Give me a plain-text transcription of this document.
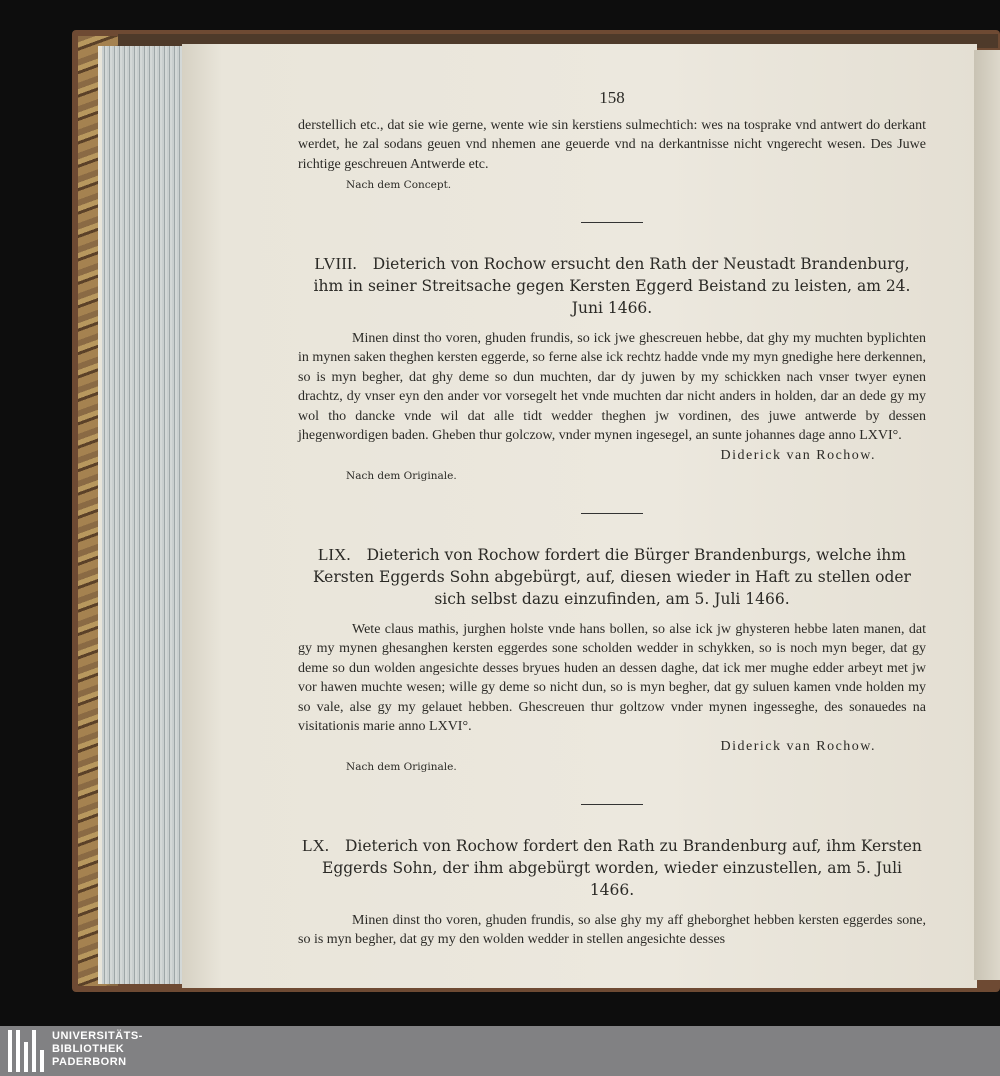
158

derstellich etc., dat sie wie gerne, wente wie sin kerstiens sulmechtich: wes na tosprake vnd antwert do derkant werdet, he zal sodans geuen vnd nhemen ane geuerde vnd na derkantnisse nicht vngerecht wesen. Des Juwe richtige geschreuen Antwerde etc.

Nach dem Concept.
LVIII. Dieterich von Rochow ersucht den Rath der Neustadt Brandenburg, ihm in seiner Streitsache gegen Kersten Eggerd Beistand zu leisten, am 24. Juni 1466.

Minen dinst tho voren, ghuden frundis, so ick jwe ghescreuen hebbe, dat ghy my muchten byplichten in mynen saken theghen kersten eggerde, so ferne alse ick rechtz hadde vnde my myn gnedighe here derkennen, so is myn begher, dat ghy deme so dun muchten, dar dy juwen by my schickken nach vnser twyer eynen drachtz, dy vnser eyn den ander vor vorsegelt het vnde muchten dar nicht anders in holden, dar an dede gy my wol tho dancke vnde wil dat alle tidt wedder theghen jw vordinen, des juwe antwerde by dessen jhegenwordigen baden. Gheben thur golczow, vnder mynen ingesegel, an sunte johannes dage anno LXVI°.

Diderick van Rochow.
Nach dem Originale.
LIX. Dieterich von Rochow fordert die Bürger Brandenburgs, welche ihm Kersten Eggerds Sohn abgebürgt, auf, diesen wieder in Haft zu stellen oder sich selbst dazu einzufinden, am 5. Juli 1466.

Wete claus mathis, jurghen holste vnde hans bollen, so alse ick jw ghysteren hebbe laten manen, dat gy my mynen ghesanghen kersten eggerdes sone scholden wedder in schykken, so is noch myn beger, dat gy deme so dun wolden angesichte desses bryues huden an dessen daghe, dat ick mer mughe edder arbeyt met jw vor hawen muchte wesen; wille gy deme so nicht dun, so is myn begher, dat gy suluen kamen vnde holden my so vale, alse gy my gelauet hebben. Ghescreuen thur goltzow vnder mynen ingesseghe, des sonauedes na visitationis marie anno LXVI°.

Diderick van Rochow.
Nach dem Originale.
LX. Dieterich von Rochow fordert den Rath zu Brandenburg auf, ihm Kersten Eggerds Sohn, der ihm abgebürgt worden, wieder einzustellen, am 5. Juli 1466.

Minen dinst tho voren, ghuden frundis, so alse ghy my aff gheborghet hebben kersten eggerdes sone, so is myn begher, dat gy my den wolden wedder in stellen angesichte desses

UNIVERSITÄTS-
BIBLIOTHEK
PADERBORN
